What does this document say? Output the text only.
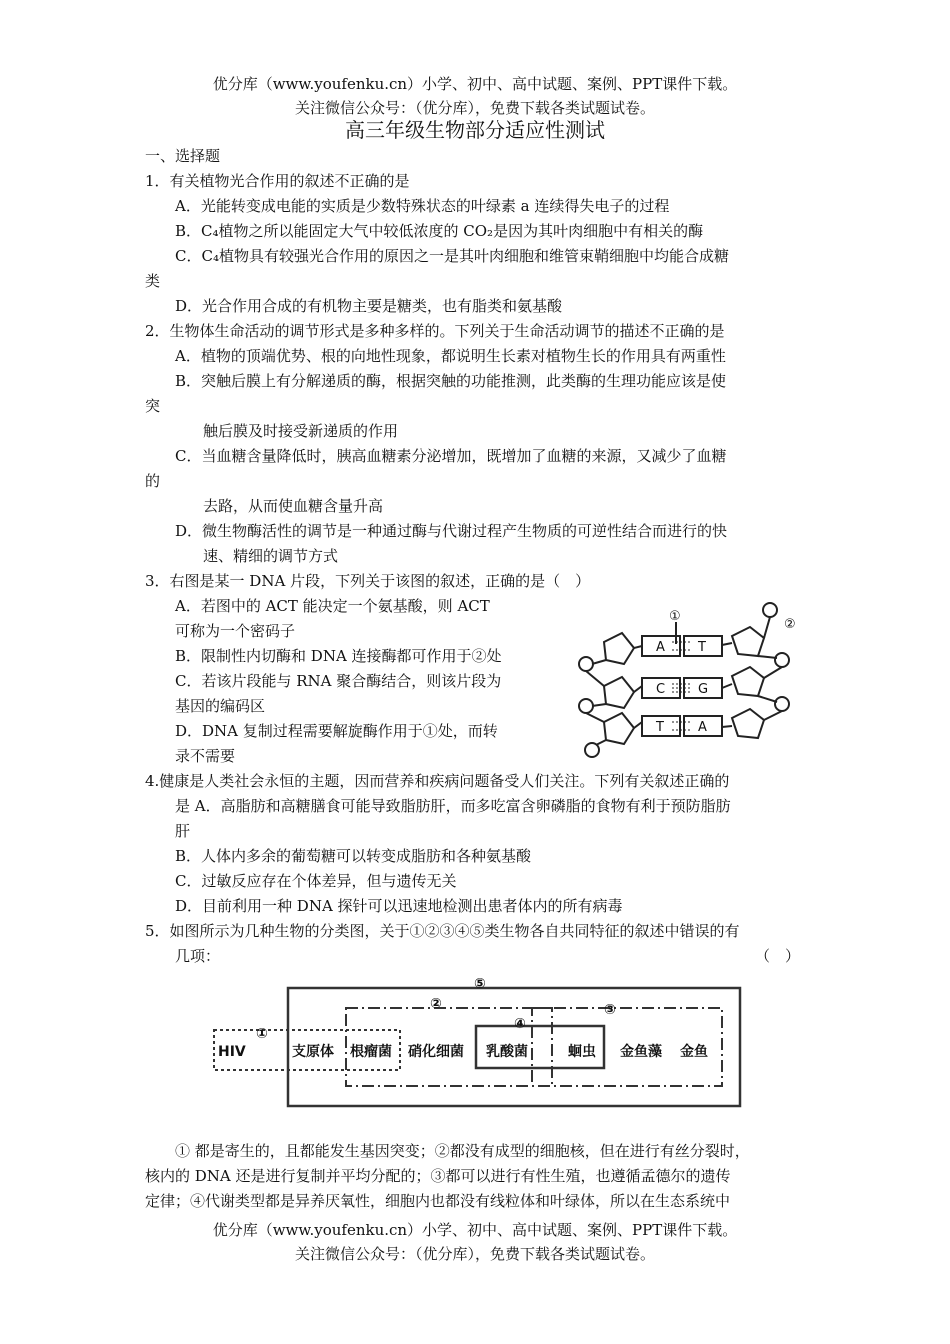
优分库（www.youfenku.cn）小学、初中、高中试题、案例、PPT课件下载。
关注微信公众号：（优分库），免费下载各类试题试卷。
高三年级生物部分适应性测试
一、选择题
1．有关植物光合作用的叙述不正确的是
A．光能转变成电能的实质是少数特殊状态的叶绿素 a 连续得失电子的过程
B．C₄植物之所以能固定大气中较低浓度的 CO₂是因为其叶肉细胞中有相关的酶
C．C₄植物具有较强光合作用的原因之一是其叶肉细胞和维管束鞘细胞中均能合成糖
类
D．光合作用合成的有机物主要是糖类，也有脂类和氨基酸
2．生物体生命活动的调节形式是多种多样的。下列关于生命活动调节的描述不正确的是
A．植物的顶端优势、根的向地性现象，都说明生长素对植物生长的作用具有两重性
B．突触后膜上有分解递质的酶，根据突触的功能推测，此类酶的生理功能应该是使
突
触后膜及时接受新递质的作用
C．当血糖含量降低时，胰高血糖素分泌增加，既增加了血糖的来源，又减少了血糖
的
去路，从而使血糖含量升高
D．微生物酶活性的调节是一种通过酶与代谢过程产生物质的可逆性结合而进行的快
速、精细的调节方式
3．右图是某一 DNA 片段，下列关于该图的叙述，正确的是（　）
A．若图中的 ACT 能决定一个氨基酸，则 ACT
可称为一个密码子
B．限制性内切酶和 DNA 连接酶都可作用于②处
C．若该片段能与 RNA 聚合酶结合，则该片段为
基因的编码区
D．DNA 复制过程需要解旋酶作用于①处，而转
录不需要
①
②
A	T
C	G
T	A
4.健康是人类社会永恒的主题，因而营养和疾病问题备受人们关注。下列有关叙述正确的
是 A．高脂肪和高糖膳食可能导致脂肪肝，而多吃富含卵磷脂的食物有利于预防脂肪
肝
B．人体内多余的葡萄糖可以转变成脂肪和各种氨基酸
C．过敏反应存在个体差异，但与遗传无关
D．目前利用一种 DNA 探针可以迅速地检测出患者体内的所有病毒
5．如图所示为几种生物的分类图，关于①②③④⑤类生物各自共同特征的叙述中错误的有
几项：	（　）
⑤
①
②	③
④
HIV	支原体 根瘤菌 硝化细菌 乳酸菌	蛔虫 金鱼藻 金鱼
① 都是寄生的，且都能发生基因突变；②都没有成型的细胞核，但在进行有丝分裂时，
核内的 DNA 还是进行复制并平均分配的；③都可以进行有性生殖，也遵循孟德尔的遗传
定律；④代谢类型都是异养厌氧性，细胞内也都没有线粒体和叶绿体，所以在生态系统中
优分库（www.youfenku.cn）小学、初中、高中试题、案例、PPT课件下载。
关注微信公众号：（优分库），免费下载各类试题试卷。
